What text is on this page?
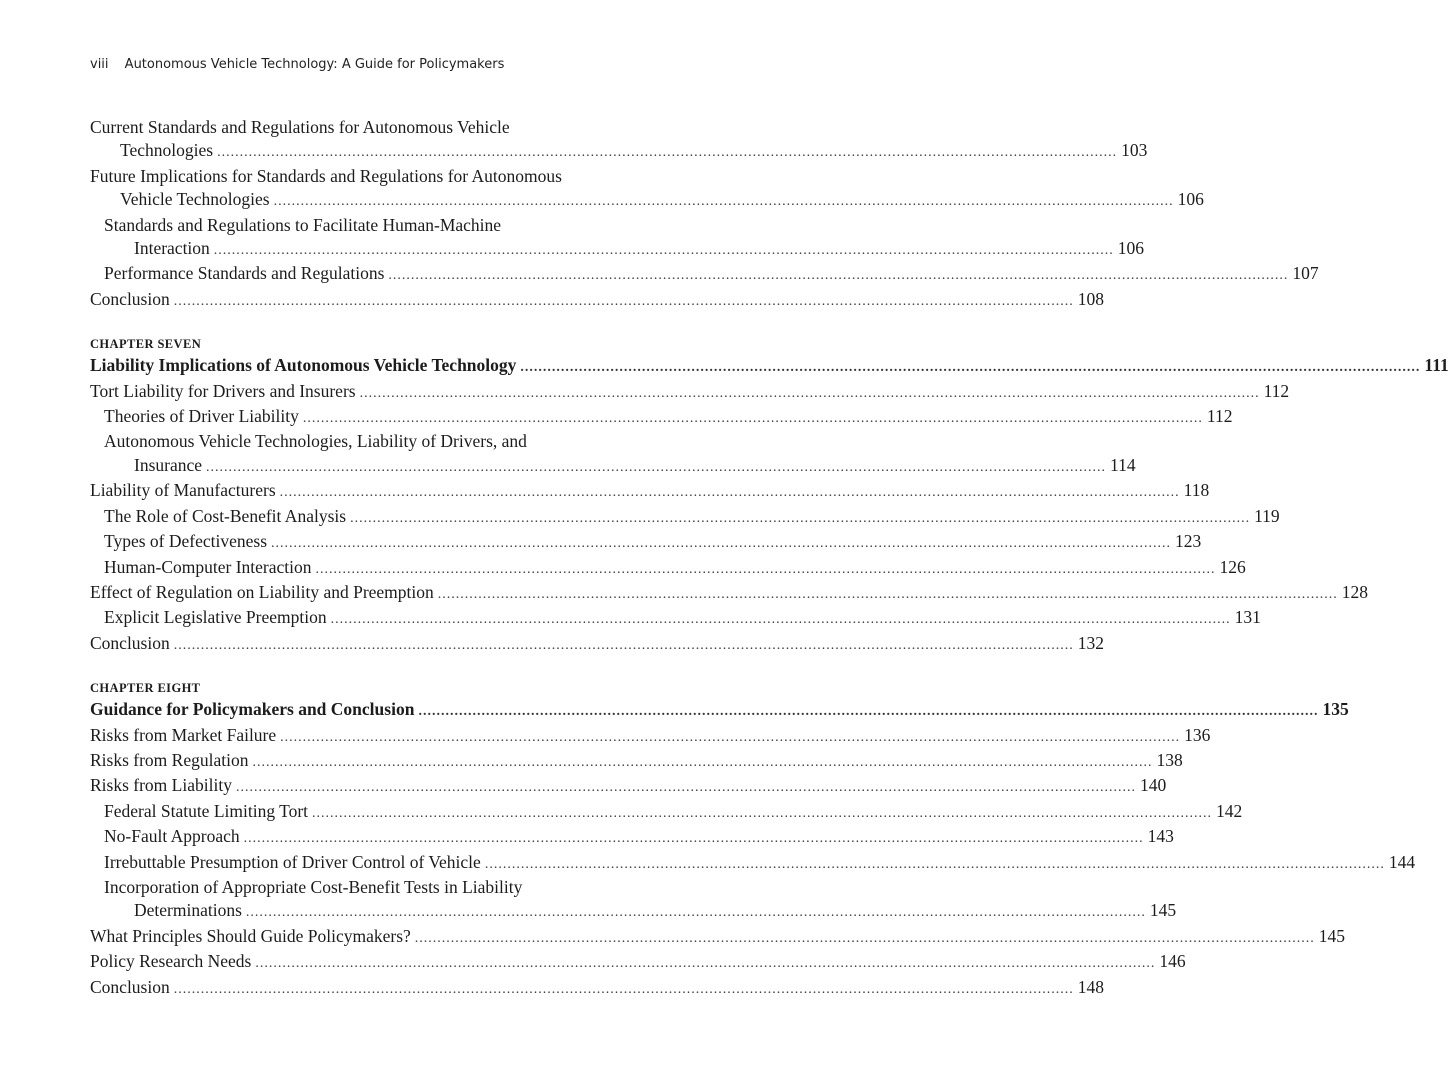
viii Autonomous Vehicle Technology: A Guide for Policymakers
Current Standards and Regulations for Autonomous Vehicle
Technologies ........................................................................................................................................................................................................ 103
Future Implications for Standards and Regulations for Autonomous
Vehicle Technologies ........................................................................................................................................................................................................ 106
Standards and Regulations to Facilitate Human-Machine
Interaction ........................................................................................................................................................................................................ 106
Performance Standards and Regulations ........................................................................................................................................................................................................ 107
Conclusion ........................................................................................................................................................................................................ 108
CHAPTER SEVEN
Liability Implications of Autonomous Vehicle Technology ........................................................................................................................................................................................................ 111
Tort Liability for Drivers and Insurers ........................................................................................................................................................................................................ 112
Theories of Driver Liability ........................................................................................................................................................................................................ 112
Autonomous Vehicle Technologies, Liability of Drivers, and
Insurance ........................................................................................................................................................................................................ 114
Liability of Manufacturers ........................................................................................................................................................................................................ 118
The Role of Cost-Benefit Analysis ........................................................................................................................................................................................................ 119
Types of Defectiveness ........................................................................................................................................................................................................ 123
Human-Computer Interaction ........................................................................................................................................................................................................ 126
Effect of Regulation on Liability and Preemption ........................................................................................................................................................................................................ 128
Explicit Legislative Preemption ........................................................................................................................................................................................................ 131
Conclusion ........................................................................................................................................................................................................ 132
CHAPTER EIGHT
Guidance for Policymakers and Conclusion ........................................................................................................................................................................................................ 135
Risks from Market Failure ........................................................................................................................................................................................................ 136
Risks from Regulation ........................................................................................................................................................................................................ 138
Risks from Liability ........................................................................................................................................................................................................ 140
Federal Statute Limiting Tort ........................................................................................................................................................................................................ 142
No-Fault Approach ........................................................................................................................................................................................................ 143
Irrebuttable Presumption of Driver Control of Vehicle ........................................................................................................................................................................................................ 144
Incorporation of Appropriate Cost-Benefit Tests in Liability
Determinations ........................................................................................................................................................................................................ 145
What Principles Should Guide Policymakers? ........................................................................................................................................................................................................ 145
Policy Research Needs ........................................................................................................................................................................................................ 146
Conclusion ........................................................................................................................................................................................................ 148
